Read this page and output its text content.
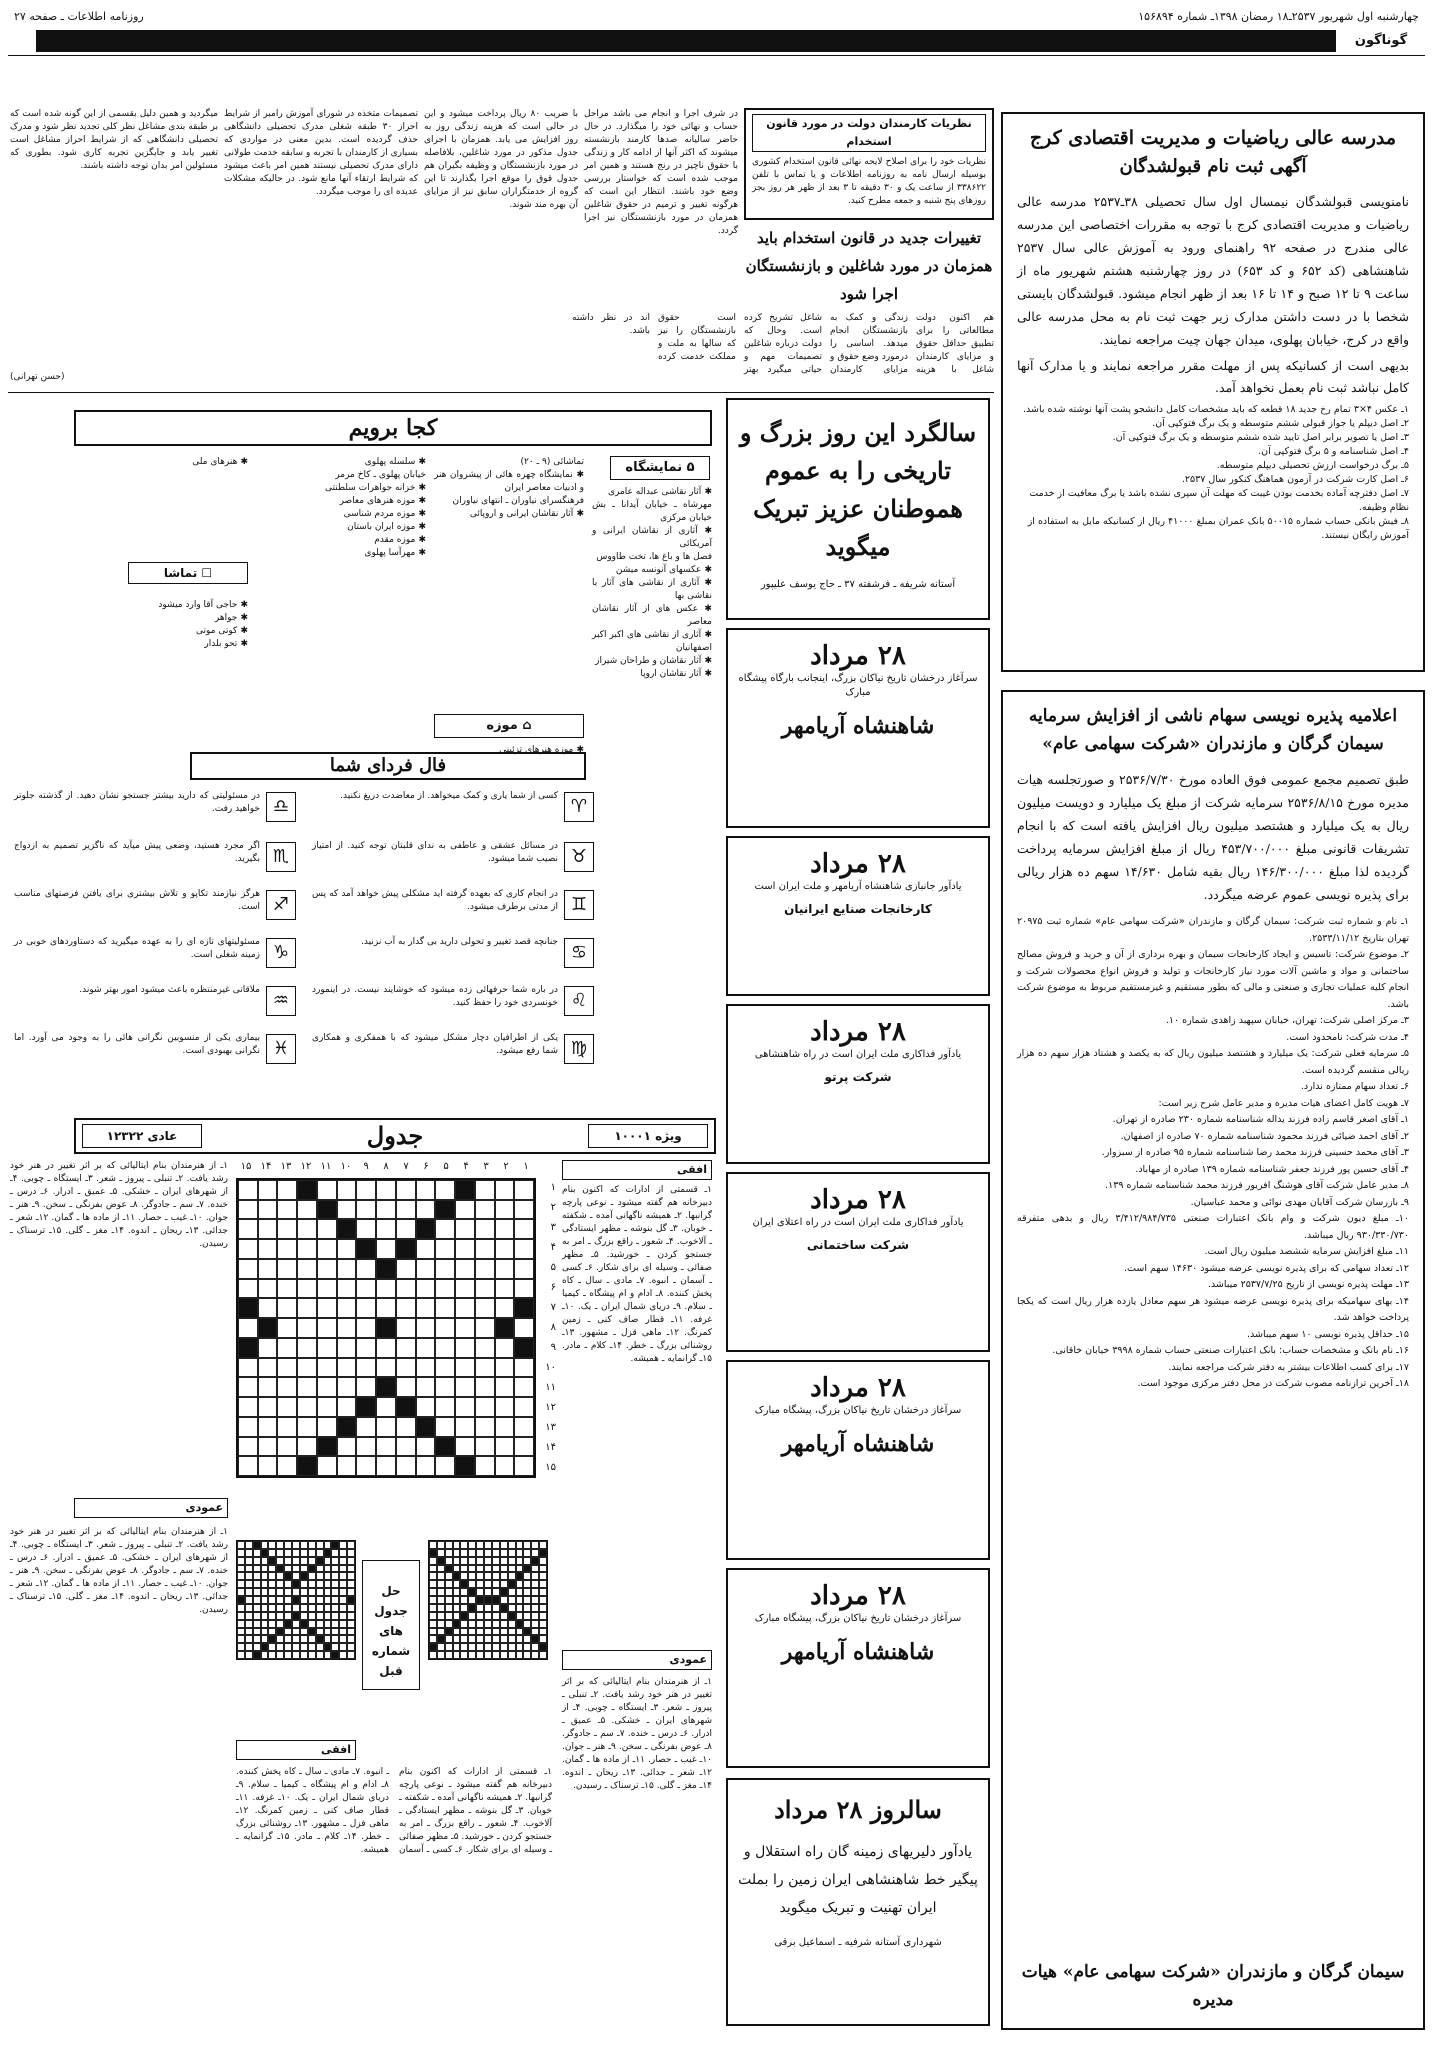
چهارشنبه اول شهریور ۲۵۳۷ـ۱۸ رمضان ۱۳۹۸ـ شماره ۱۵۶۸۹۴
روزنامه اطلاعات ـ صفحه ۲۷
گوناگون
مدرسه عالی ریاضیات و مدیریت اقتصادی کرج
آگهی ثبت نام قبولشدگان

نامنویسی قبولشدگان نیمسال اول سال تحصیلی ۳۸ـ۲۵۳۷ مدرسه عالی ریاضیات و مدیریت اقتصادی کرج با توجه به مقررات اختصاصی این مدرسه عالی مندرج در صفحه ۹۲ راهنمای ورود به آموزش عالی سال ۲۵۳۷ شاهنشاهی (کد ۶۵۲ و کد ۶۵۳) در روز چهارشنبه هشتم شهریور ماه از ساعت ۹ تا ۱۲ صبح و ۱۴ تا ۱۶ بعد از ظهر انجام میشود. قبولشدگان بایستی شخصا با در دست داشتن مدارک زیر جهت ثبت نام به محل مدرسه عالی واقع در کرج، خیابان پهلوی، میدان جهان چیت مراجعه نمایند.

بدیهی است از کسانیکه پس از مهلت مقرر مراجعه نمایند و یا مدارک آنها کامل نباشد ثبت نام بعمل نخواهد آمد.

۱ـ عکس ۴×۳ تمام رخ جدید ۱۸ قطعه که باید مشخصات کامل دانشجو پشت آنها نوشته شده باشد.
۲ـ اصل دیپلم یا جواز قبولی ششم متوسطه و یک برگ فتوکپی آن.
۳ـ اصل یا تصویر برابر اصل تایید شده ششم متوسطه و یک برگ فتوکپی آن.
۴ـ اصل شناسنامه و ۵ برگ فتوکپی آن.
۵ـ برگ درخواست ارزش تحصیلی دیپلم متوسطه.
۶ـ اصل کارت شرکت در آزمون هماهنگ کنکور سال ۲۵۳۷.
۷ـ اصل دفترچه آماده بخدمت بودن غیبت که مهلت آن سپری نشده باشد یا برگ معافیت از خدمت نظام وظیفه.
۸ـ فیش بانکی حساب شماره ۵۰۰۱۵ بانک عمران بمبلغ ۴۱۰۰۰ ریال از کسانیکه مایل به استفاده از آموزش رایگان نیستند.
اعلامیه پذیره نویسی سهام ناشی از افزایش سرمایه سیمان گرگان و مازندران «شرکت سهامی عام»

طبق تصمیم مجمع عمومی فوق العاده مورخ ۲۵۳۶/۷/۳۰ و صورتجلسه هیات مدیره مورخ ۲۵۳۶/۸/۱۵ سرمایه شرکت از مبلغ یک میلیارد و دویست میلیون ریال به یک میلیارد و هشتصد میلیون ریال افزایش یافته است که با انجام تشریفات قانونی مبلغ ۴۵۳/۷۰۰/۰۰۰ ریال از مبلغ افزایش سرمایه پرداخت گردیده لذا مبلغ ۱۴۶/۳۰۰/۰۰۰ ریال بقیه شامل ۱۴/۶۳۰ سهم ده هزار ریالی برای پذیره نویسی عموم عرضه میگردد.

۱ـ نام و شماره ثبت شرکت: سیمان گرگان و مازندران «شرکت سهامی عام» شماره ثبت ۲۰۹۷۵ تهران بتاریخ ۲۵۳۳/۱۱/۱۲.
۲ـ موضوع شرکت: تاسیس و ایجاد کارخانجات سیمان و بهره برداری از آن و خرید و فروش مصالح ساختمانی و مواد و ماشین آلات مورد نیاز کارخانجات و تولید و فروش انواع محصولات شرکت و انجام کلیه عملیات تجاری و صنعتی و مالی که بطور مستقیم و غیرمستقیم مربوط به موضوع شرکت باشد.
۳ـ مرکز اصلی شرکت: تهران، خیابان سپهبد زاهدی شماره ۱۰.
۴ـ مدت شرکت: نامحدود است.
۵ـ سرمایه فعلی شرکت: یک میلیارد و هشتصد میلیون ریال که به یکصد و هشتاد هزار سهم ده هزار ریالی منقسم گردیده است.
۶ـ تعداد سهام ممتازه ندارد.
۷ـ هویت کامل اعضای هیات مدیره و مدیر عامل شرح زیر است:
۱ـ آقای اصغر قاسم زاده فرزند یداله شناسنامه شماره ۲۳۰ صادره از تهران.
۲ـ آقای احمد ضیائی فرزند محمود شناسنامه شماره ۷۰ صادره از اصفهان.
۳ـ آقای محمد حسینی فرزند محمد رضا شناسنامه شماره ۹۵ صادره از سبزوار.
۴ـ آقای حسین پور فرزند جعفر شناسنامه شماره ۱۳۹ صادره از مهاباد.
۸ـ مدیر عامل شرکت آقای هوشنگ افریور فرزند محمد شناسنامه شماره ۱۳۹.
۹ـ بازرسان شرکت آقایان مهدی نوائی و محمد عباسیان.
۱۰ـ مبلغ دیون شرکت و وام بانک اعتبارات صنعتی ۳/۴۱۲/۹۸۴/۷۳۵ ریال و بدهی متفرقه ۹۳۰/۳۳۰/۷۳۰ ریال میباشد.
۱۱ـ مبلغ افزایش سرمایه ششصد میلیون ریال است.
۱۲ـ تعداد سهامی که برای پذیره نویسی عرضه میشود ۱۴۶۳۰ سهم است.
۱۳ـ مهلت پذیره نویسی از تاریخ ۲۵۳۷/۷/۲۵ میباشد.
۱۴ـ بهای سهامیکه برای پذیره نویسی عرضه میشود هر سهم معادل یازده هزار ریال است که یکجا پرداخت خواهد شد.
۱۵ـ حداقل پذیره نویسی ۱۰ سهم میباشد.
۱۶ـ نام بانک و مشخصات حساب: بانک اعتبارات صنعتی حساب شماره ۳۹۹۸ خیابان خاقانی.
۱۷ـ برای کسب اطلاعات بیشتر به دفتر شرکت مراجعه نمایند.
۱۸ـ آخرین ترازنامه مصوب شرکت در محل دفتر مرکزی موجود است.
سیمان گرگان و مازندران «شرکت سهامی عام» هیات مدیره
نظریات کارمندان دولت در مورد قانون استخدام
نظریات خود را برای اصلاح لایحه نهائی قانون استخدام کشوری بوسیله ارسال نامه به روزنامه اطلاعات و یا تماس با تلفن ۳۳۸۶۲۲ از ساعت یک و ۳۰ دقیقه تا ۳ بعد از ظهر هر روز بجز روزهای پنج شنبه و جمعه مطرح کنید.
تغییرات جدید در قانون استخدام باید همزمان در مورد شاغلین و بازنشستگان اجرا شود
هم اکنون دولت مطالعاتی را برای تطبیق حداقل حقوق و مزایای کارمندان شاغل با هزینه زندگی و کمک به بازنشستگان انجام میدهد. اساسی را درمورد وضع حقوق و مزایای کارمندان شاغل تشریح کرده است. وحال که دولت درباره شاغلین تصمیمات مهم و حیاتی میگیرد بهتر است حقوق بازنشستگان را نیز که سالها به ملت و مملکت خدمت کرده اند در نظر داشته باشد.
در شرف اجرا و انجام می باشد مراحل حساب و نهائی خود را میگذارد. در حال حاضر سالیانه صدها کارمند بازنشسته میشوند که اکثر آنها از ادامه کار و زندگی با حقوق ناچیز در رنج هستند و همین امر موجب شده است که خواستار بررسی وضع خود باشند. انتظار این است که هرگونه تغییر و ترمیم در حقوق شاغلین همزمان در مورد بازنشستگان نیز اجرا گردد.
با ضریب ۸۰ ریال پرداخت میشود و این در حالی است که هزینه زندگی روز به روز افزایش می یابد. همزمان با اجرای جدول مذکور در مورد شاغلین، بلافاصله در مورد بازنشستگان و وظیفه بگیران هم جدول قوق را موقع اجرا بگذارند تا این گروه از خدمتگزاران سابق نیز از مزایای آن بهره مند شوند.
تصمیمات متخذه در شورای آموزش رامبر از شرایط احراز ۳۰ طبقه شغلی مدرک تحصیلی دانشگاهی حذف گردیده است. بدین معنی در مواردی که بسیاری از کارمندان با تجربه و سابقه خدمت طولانی دارای مدرک تحصیلی نیستند همین امر باعث میشود که شرایط ارتقاء آنها مانع شود. در حالیکه مشکلات عدیده ای را موجب میگردد.
میگردید و همین دلیل بقسمی از این گونه شده است که بر طبقه بندی مشاغل نظر کلی تجدید نظر شود و مدرک تحصیلی دانشگاهی که از شرایط احراز مشاغل است تغییر یابد و جایگزین تجربه کاری شود. بطوری که مسئولین امر بدان توجه داشته باشند.
(حسن تهرانی)
سالگرد این روز بزرگ و تاریخی را به عموم هموطنان عزیز تبریک میگوید
آستانه شریفه ـ فرشفته ۳۷ ـ حاج یوسف علیپور
۲۸ مرداد
سرآغاز درخشان تاریخ نیاکان بزرگ، اینجانب بارگاه پیشگاه مبارک
شاهنشاه آریامهر
۲۸ مرداد
یادآور جانبازی شاهنشاه آریامهر و ملت ایران است
کارخانجات صنایع ایرانیان
۲۸ مرداد
یادآور فداکاری ملت ایران است در راه شاهنشاهی
شرکت پرتو
۲۸ مرداد
یادآور فداکاری ملت ایران است در راه اعتلای ایران
شرکت ساختمانی
۲۸ مرداد
سرآغاز درخشان تاریخ نیاکان بزرگ، پیشگاه مبارک
شاهنشاه آریامهر
۲۸ مرداد
سرآغاز درخشان تاریخ نیاکان بزرگ، پیشگاه مبارک
شاهنشاه آریامهر
سالروز ۲۸ مرداد
یادآور دلیریهای زمینه گان راه استقلال و پیگیر خط شاهنشاهی ایران زمین را بملت ایران تهنیت و تبریک میگوید
شهرداری آستانه شرفیه ـ اسماعیل برقی
کجا برویم
۵ نمایشگاه
✱ آثار نقاشی عبداله عامری
مهرشاه ـ خیابان آیدانا ـ بش خیابان مرکزی
✱ آثاری از نقاشان ایرانی و آمریکائی
فصل ها و باغ ها، تخت طاووس
✱ عکسهای آنونسه میشن
✱ آثاری از نقاشی های آثار با نقاشی بها
✱ عکس های از آثار نقاشان معاصر
✱ آثاری از نقاشی های اکبر اکبر اصفهانیان
✱ آثار نقاشان و طراحان شیراز
✱ آثار نقاشان اروپا
تماشائی (۹ ـ ۲۰)
✱ نمایشگاه چهره هائی از پیشروان هنر و ادبیات معاصر ایران
فرهنگسرای نیاوران ـ انتهای نیاوران
✱ آثار نقاشان ایرانی و اروپائی
⌂ موزه
✱ موزه هنرهای تزئینی
✱ سلسله پهلوی
خیابان پهلوی ـ کاخ مرمر
✱ خزانه جواهرات سلطنتی
✱ موزه هنرهای معاصر
✱ موزه مردم شناسی
✱ موزه ایران باستان
✱ موزه مقدم
✱ مهرآسا پهلوی
☐ تماشا
✱ هنرهای ملی
✱ حاجی آقا وارد میشود
✱ جواهر
✱ کوتی موتی
✱ تحو بلدار
فال فردای شما
♈
کسی از شما یاری و کمک میخواهد. از معاضدت دریغ نکنید.
♉
در مسائل عشقی و عاطفی به ندای قلبتان توجه کنید. از امتیاز نصیب شما میشود.
♊
در انجام کاری که بعهده گرفته اید مشکلی پیش خواهد آمد که پس از مدتی برطرف میشود.
♋
جنانچه قصد تغییر و تحولی دارید بی گدار به آب نزنید.
♌
در باره شما حرفهائی زده میشود که خوشایند نیست. در اینمورد خونسردی خود را حفظ کنید.
♍
یکی از اطرافیان دچار مشکل میشود که با همفکری و همکاری شما رفع میشود.
♎
در مسئولیتی که دارید بیشتر جستجو نشان دهید. از گذشته جلوتر خواهید رفت.
♏
اگر مجرد هستید، وضعی پیش میآید که ناگزیر تصمیم به ازدواج بگیرید.
♐
هرگز نیازمند تکاپو و تلاش بیشتری برای یافتن فرصتهای مناسب است.
♑
مسئولیتهای تازه ای را به عهده میگیرید که دستاوردهای خوبی در زمینه شغلی است.
♒
ملاقاتی غیرمنتظره باعث میشود امور بهتر شوند.
♓
بیماری یکی از منسوبین نگرانی هائی را به وجود می آورد. اما نگرانی بهبودی است.
جدول
عادی ۱۲۳۲۲	ویژه ۱۰۰۰۱
۱
۲
۳
۴
۵
۶
۷
۸
۹
۱۰
۱۱
۱۲
۱۳
۱۴
۱۵
۱
۲
۳
۴
۵
۶
۷
۸
۹
۱۰
۱۱
۱۲
۱۳
۱۴
۱۵
افقی
۱ـ قسمتی از ادارات که اکنون بنام دبیرخانه هم گفته میشود ـ نوعی پارچه گرانبها. ۲ـ همیشه ناگهانی آمده ـ شکفته ـ خوبان. ۳ـ گل بنوشه ـ مظهر ایستادگی ـ آلاخوب. ۴ـ شعور ـ راقع بزرگ ـ امر به جستجو کردن ـ خورشید. ۵ـ مظهر صفائی ـ وسیله ای برای شکار. ۶ـ کسی ـ آسمان ـ انبوه. ۷ـ مادی ـ سال ـ کاه پخش کننده. ۸ـ ادام و ام پیشگاه ـ کیمیا ـ سلام. ۹ـ دریای شمال ایران ـ یک. ۱۰ـ غرفه. ۱۱ـ قطار صاف کنی ـ زمین کمرنگ. ۱۲ـ ماهی قزل ـ مشهور. ۱۳ـ روشنائی بزرگ ـ خطر. ۱۴ـ کلام ـ مادر. ۱۵ـ گرانمایه ـ همیشه.
۱ـ از هنرمندان بنام ایتالیائی که بر اثر تغییر در هنر خود رشد یافت. ۲ـ تنبلی ـ پیروز ـ شعر. ۳ـ ایستگاه ـ چوبی. ۴ـ از شهرهای ایران ـ خشکی. ۵ـ عمیق ـ ادرار. ۶ـ درس ـ خنده. ۷ـ سم ـ جادوگر. ۸ـ عوض بفرنگی ـ سخن. ۹ـ هنر ـ جوان. ۱۰ـ غیب ـ حصار. ۱۱ـ از ماده ها ـ گمان. ۱۲ـ شعر ـ جدائی. ۱۳ـ ریحان ـ اندوه. ۱۴ـ مغز ـ گلی. ۱۵ـ ترسناک ـ رسیدن.
عمودی
حل جدول های شماره قبل
افقی
عمودی
۱ـ از هنرمندان بنام ایتالیائی که بر اثر تغییر در هنر خود رشد یافت. ۲ـ تنبلی ـ پیروز ـ شعر. ۳ـ ایستگاه ـ چوبی. ۴ـ از شهرهای ایران ـ خشکی. ۵ـ عمیق ـ ادرار. ۶ـ درس ـ خنده. ۷ـ سم ـ جادوگر. ۸ـ عوض بفرنگی ـ سخن. ۹ـ هنر ـ جوان. ۱۰ـ غیب ـ حصار. ۱۱ـ از ماده ها ـ گمان. ۱۲ـ شعر ـ جدائی. ۱۳ـ ریحان ـ اندوه. ۱۴ـ مغز ـ گلی. ۱۵ـ ترسناک ـ رسیدن.
۱ـ قسمتی از ادارات که اکنون بنام دبیرخانه هم گفته میشود ـ نوعی پارچه گرانبها. ۲ـ همیشه ناگهانی آمده ـ شکفته ـ خوبان. ۳ـ گل بنوشه ـ مظهر ایستادگی ـ آلاخوب. ۴ـ شعور ـ راقع بزرگ ـ امر به جستجو کردن ـ خورشید. ۵ـ مظهر صفائی ـ وسیله ای برای شکار. ۶ـ کسی ـ آسمان ـ انبوه. ۷ـ مادی ـ سال ـ کاه پخش کننده. ۸ـ ادام و ام پیشگاه ـ کیمیا ـ سلام. ۹ـ دریای شمال ایران ـ یک. ۱۰ـ غرفه. ۱۱ـ قطار صاف کنی ـ زمین کمرنگ. ۱۲ـ ماهی قزل ـ مشهور. ۱۳ـ روشنائی بزرگ ـ خطر. ۱۴ـ کلام ـ مادر. ۱۵ـ گرانمایه ـ همیشه.
۱ـ از هنرمندان بنام ایتالیائی که بر اثر تغییر در هنر خود رشد یافت. ۲ـ تنبلی ـ پیروز ـ شعر. ۳ـ ایستگاه ـ چوبی. ۴ـ از شهرهای ایران ـ خشکی. ۵ـ عمیق ـ ادرار. ۶ـ درس ـ خنده. ۷ـ سم ـ جادوگر. ۸ـ عوض بفرنگی ـ سخن. ۹ـ هنر ـ جوان. ۱۰ـ غیب ـ حصار. ۱۱ـ از ماده ها ـ گمان. ۱۲ـ شعر ـ جدائی. ۱۳ـ ریحان ـ اندوه. ۱۴ـ مغز ـ گلی. ۱۵ـ ترسناک ـ رسیدن.
